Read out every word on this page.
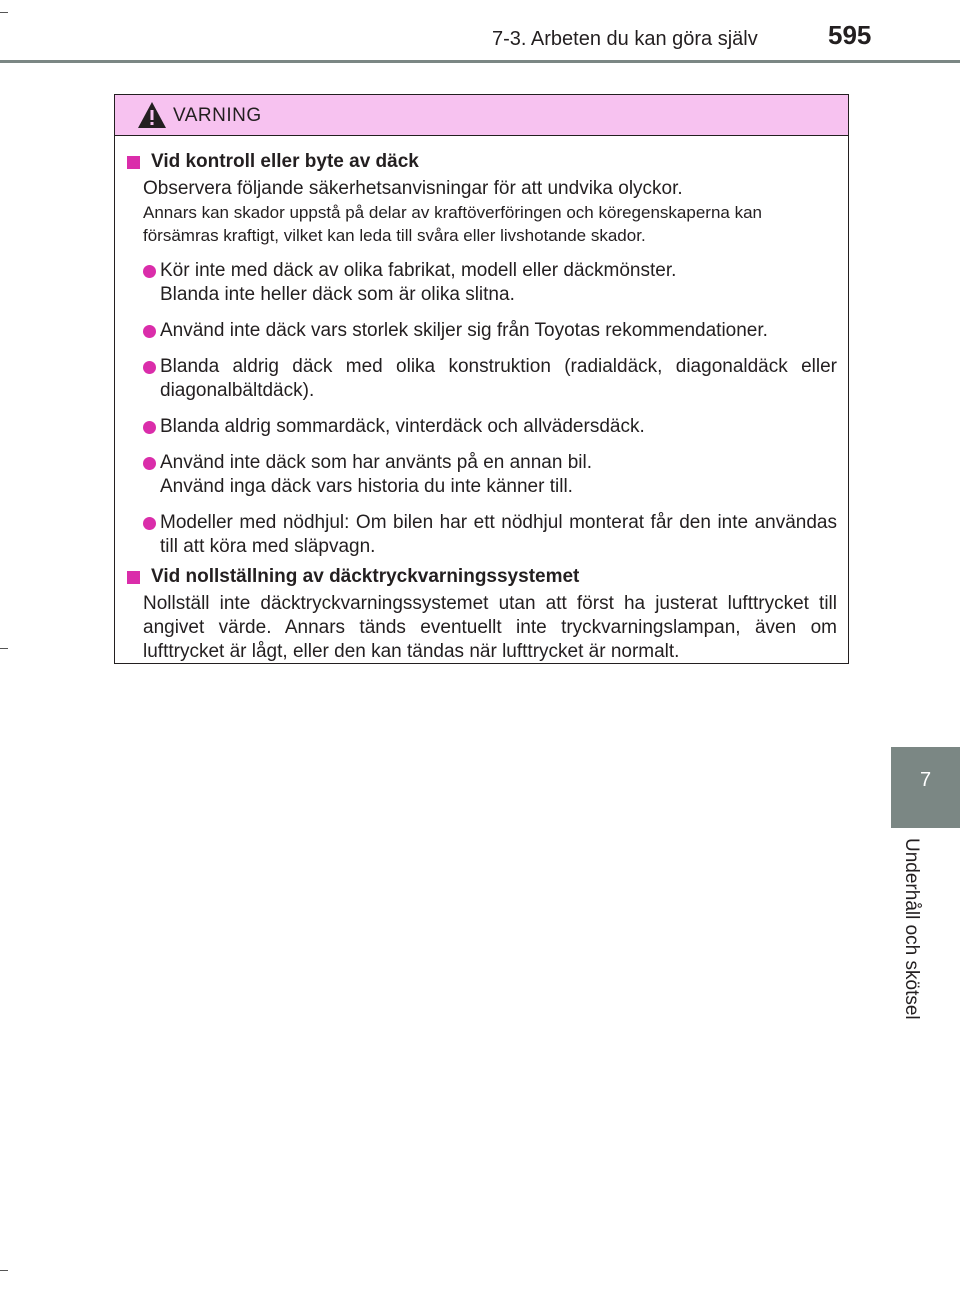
7-3. Arbeten du kan göra själv	595
7
Underhåll och skötsel
VARNING
Vid kontroll eller byte av däck
Observera följande säkerhetsanvisningar för att undvika olyckor.
Annars kan skador uppstå på delar av kraftöverföringen och köregenskaperna kan försämras kraftigt, vilket kan leda till svåra eller livshotande skador.
Kör inte med däck av olika fabrikat, modell eller däckmönster.
Blanda inte heller däck som är olika slitna.
Använd inte däck vars storlek skiljer sig från Toyotas rekommendationer.
Blanda aldrig däck med olika konstruktion (radialdäck, diagonaldäck eller diagonalbältdäck).
Blanda aldrig sommardäck, vinterdäck och allvädersdäck.
Använd inte däck som har använts på en annan bil.
Använd inga däck vars historia du inte känner till.
Modeller med nödhjul: Om bilen har ett nödhjul monterat får den inte användas till att köra med släpvagn.
Vid nollställning av däcktryckvarningssystemet
Nollställ inte däcktryckvarningssystemet utan att först ha justerat lufttrycket till angivet värde. Annars tänds eventuellt inte tryckvarningslampan, även om lufttrycket är lågt, eller den kan tändas när lufttrycket är normalt.
